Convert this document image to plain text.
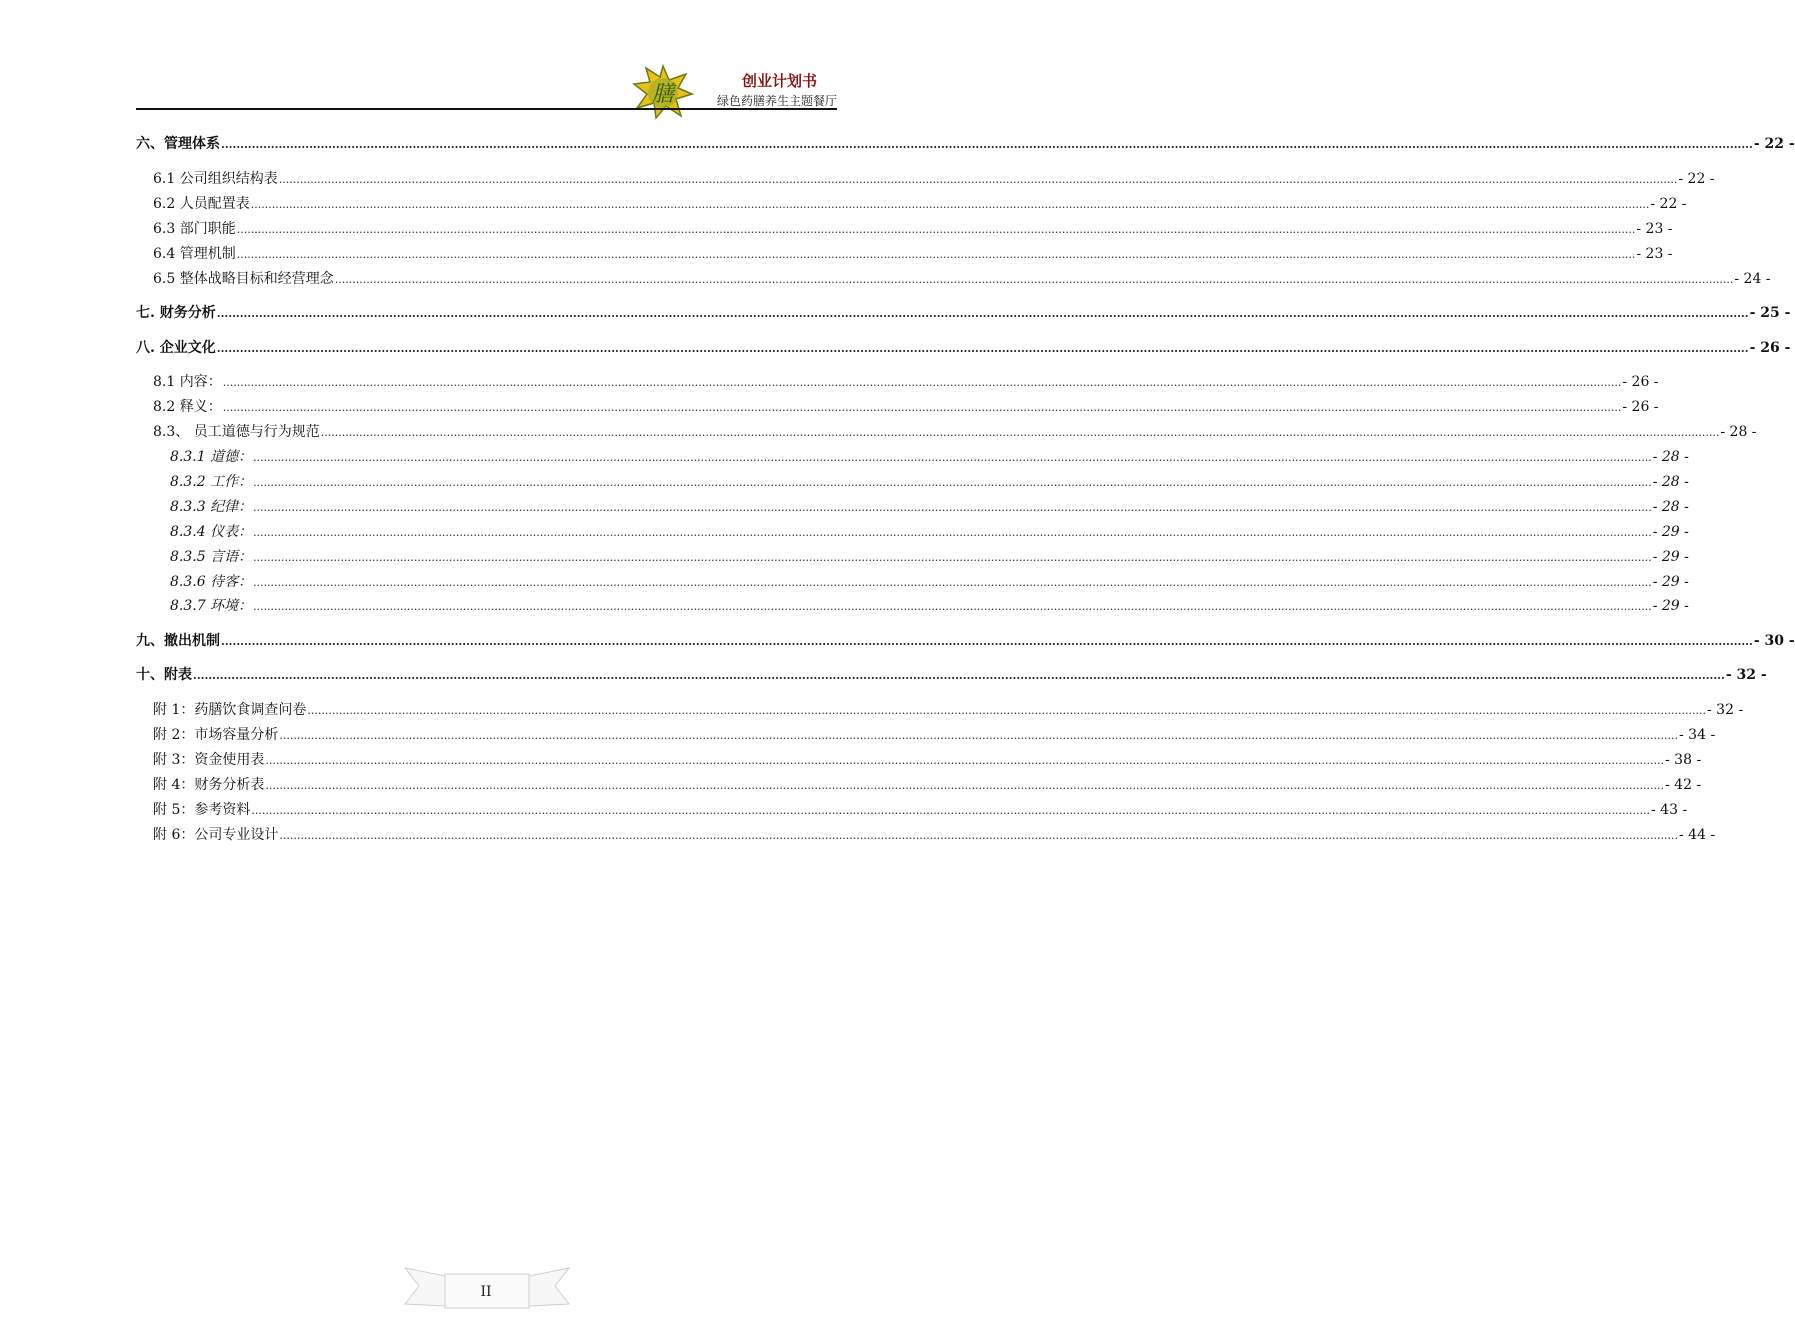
膳
创业计划书
绿色药膳养生主题餐厅
六、管理体系 ................................................................................................................................................................................................................................................................................................................................................................................................................ - 22 -
6.1 公司组织结构表 ................................................................................................................................................................................................................................................................................................................................................................................................................ - 22 -
6.2 人员配置表 ................................................................................................................................................................................................................................................................................................................................................................................................................ - 22 -
6.3 部门职能 ................................................................................................................................................................................................................................................................................................................................................................................................................ - 23 -
6.4 管理机制 ................................................................................................................................................................................................................................................................................................................................................................................................................ - 23 -
6.5 整体战略目标和经营理念 ................................................................................................................................................................................................................................................................................................................................................................................................................ - 24 -
七. 财务分析 ................................................................................................................................................................................................................................................................................................................................................................................................................ - 25 -
八. 企业文化 ................................................................................................................................................................................................................................................................................................................................................................................................................ - 26 -
8.1 内容： ................................................................................................................................................................................................................................................................................................................................................................................................................ - 26 -
8.2 释义： ................................................................................................................................................................................................................................................................................................................................................................................................................ - 26 -
8.3、 员工道德与行为规范 ................................................................................................................................................................................................................................................................................................................................................................................................................ - 28 -
8.3.1 道德： ................................................................................................................................................................................................................................................................................................................................................................................................................ - 28 -
8.3.2 工作： ................................................................................................................................................................................................................................................................................................................................................................................................................ - 28 -
8.3.3 纪律： ................................................................................................................................................................................................................................................................................................................................................................................................................ - 28 -
8.3.4 仪表： ................................................................................................................................................................................................................................................................................................................................................................................................................ - 29 -
8.3.5 言语： ................................................................................................................................................................................................................................................................................................................................................................................................................ - 29 -
8.3.6 待客： ................................................................................................................................................................................................................................................................................................................................................................................................................ - 29 -
8.3.7 环境： ................................................................................................................................................................................................................................................................................................................................................................................................................ - 29 -
九、撤出机制 ................................................................................................................................................................................................................................................................................................................................................................................................................ - 30 -
十、附表 ................................................................................................................................................................................................................................................................................................................................................................................................................ - 32 -
附 1：药膳饮食调查问卷 ................................................................................................................................................................................................................................................................................................................................................................................................................ - 32 -
附 2：市场容量分析 ................................................................................................................................................................................................................................................................................................................................................................................................................ - 34 -
附 3：资金使用表 ................................................................................................................................................................................................................................................................................................................................................................................................................ - 38 -
附 4：财务分析表 ................................................................................................................................................................................................................................................................................................................................................................................................................ - 42 -
附 5：参考资料 ................................................................................................................................................................................................................................................................................................................................................................................................................ - 43 -
附 6：公司专业设计 ................................................................................................................................................................................................................................................................................................................................................................................................................ - 44 -
II
